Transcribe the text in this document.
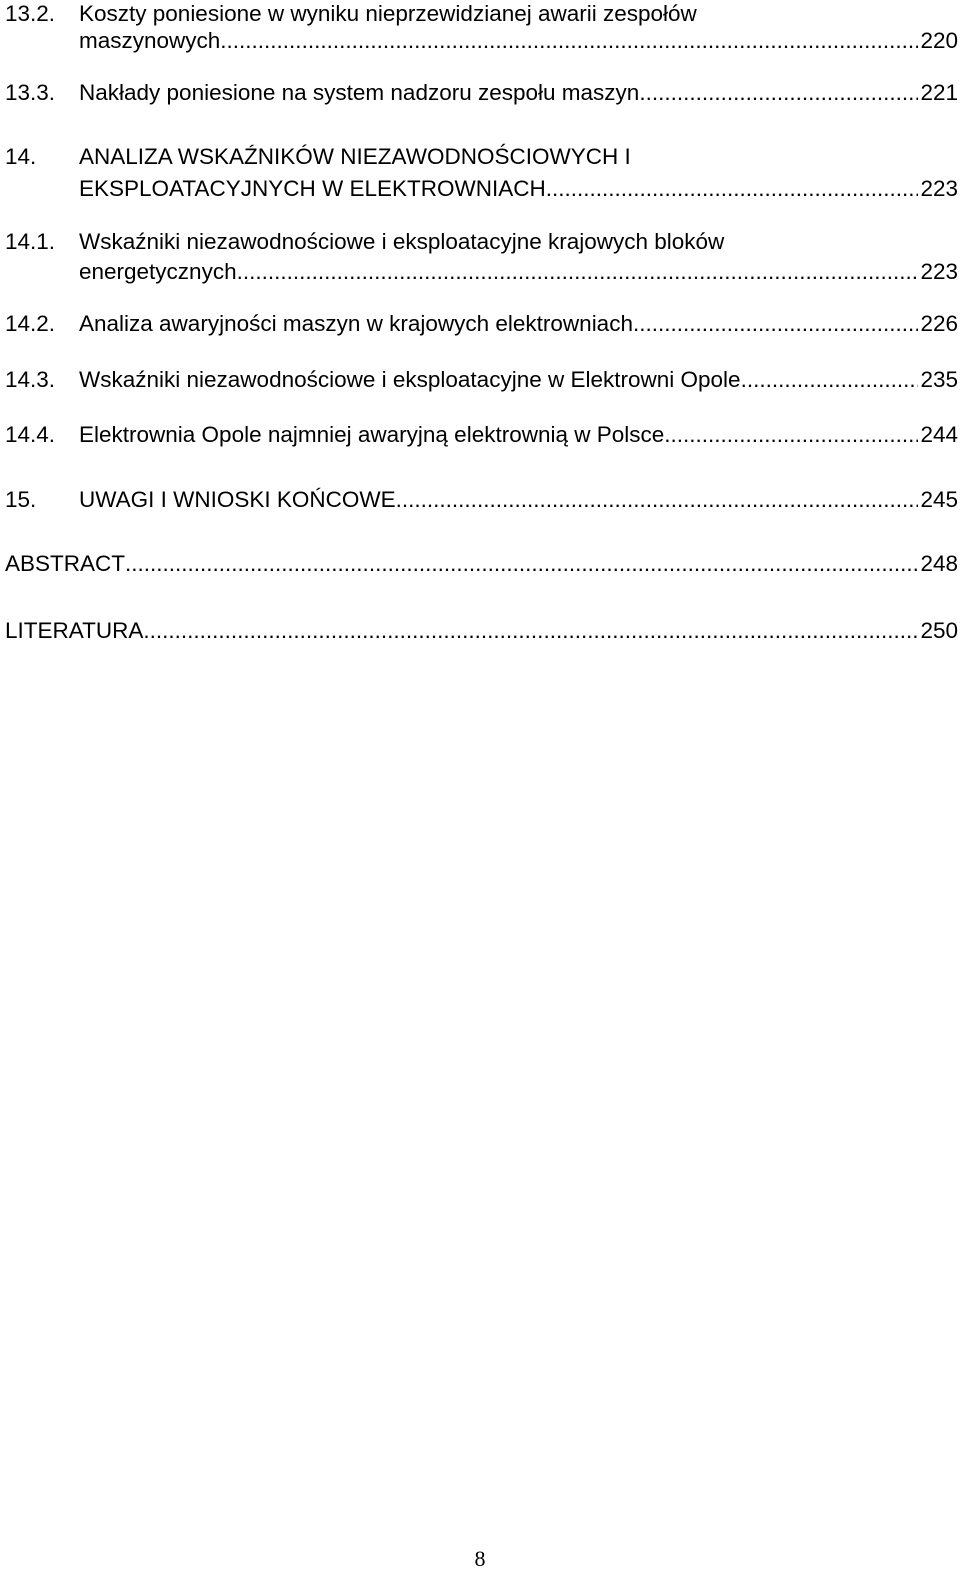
13.2.	Koszty poniesione w wyniku nieprzewidzianej awarii zespołów
maszynowych .....	220
13.3.	Nakłady poniesione na system nadzoru zespołu maszyn .....	221
14.	ANALIZA WSKAŹNIKÓW NIEZAWODNOŚCIOWYCH I
EKSPLOATACYJNYCH W ELEKTROWNIACH .....	223
14.1.	Wskaźniki niezawodnościowe i eksploatacyjne krajowych bloków
energetycznych .....	223
14.2.	Analiza awaryjności maszyn w krajowych elektrowniach .....	226
14.3.	Wskaźniki niezawodnościowe i eksploatacyjne w Elektrowni Opole .....	235
14.4.	Elektrownia Opole najmniej awaryjną elektrownią w Polsce .....	244
15.	UWAGI I WNIOSKI KOŃCOWE .....	245
ABSTRACT .....	248
LITERATURA .....	250
8
